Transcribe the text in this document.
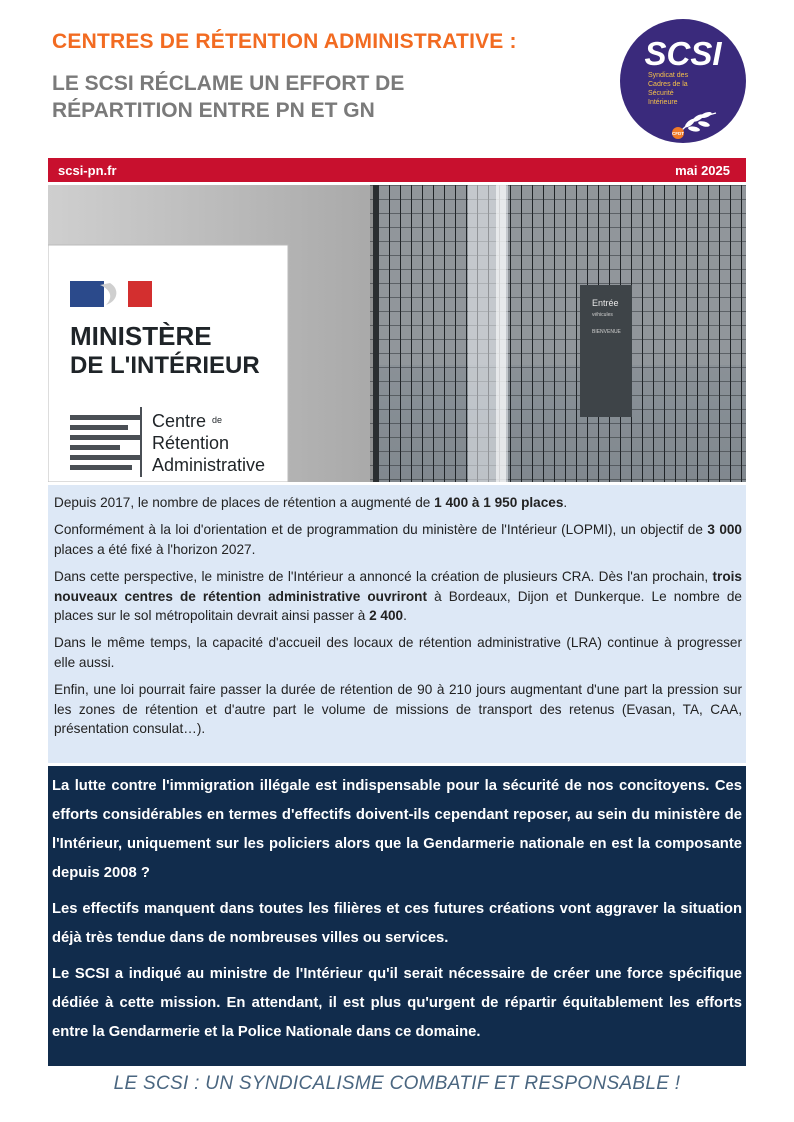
CENTRES DE RÉTENTION ADMINISTRATIVE :
LE SCSI RÉCLAME UN EFFORT DE
RÉPARTITION ENTRE PN ET GN
SCSI
Syndicat des
Cadres de la
Sécurité
Intérieure
CFDT
scsi-pn.fr	mai 2025
Entrée
véhicules
BIENVENUE
MINISTÈRE
DE L'INTÉRIEUR
Centre de
Rétention
Administrative

Depuis 2017, le nombre de places de rétention a augmenté de 1 400 à 1 950 places.

Conformément à la loi d'orientation et de programmation du ministère de l'Intérieur (LOPMI), un objectif de 3 000 places a été fixé à l'horizon 2027.

Dans cette perspective, le ministre de l'Intérieur a annoncé la création de plusieurs CRA. Dès l'an prochain, trois nouveaux centres de rétention administrative ouvriront à Bordeaux, Dijon et Dunkerque. Le nombre de places sur le sol métropolitain devrait ainsi passer à 2 400.

Dans le même temps, la capacité d'accueil des locaux de rétention administrative (LRA) continue à progresser elle aussi.

Enfin, une loi pourrait faire passer la durée de rétention de 90 à 210 jours augmentant d'une part la pression sur les zones de rétention et d'autre part le volume de missions de transport des retenus (Evasan, TA, CAA, présentation consulat…).

La lutte contre l'immigration illégale est indispensable pour la sécurité de nos concitoyens. Ces efforts considérables en termes d'effectifs doivent-ils cependant reposer, au sein du ministère de l'Intérieur, uniquement sur les policiers alors que la Gendarmerie nationale en est la composante depuis 2008 ?

Les effectifs manquent dans toutes les filières et ces futures créations vont aggraver la situation déjà très tendue dans de nombreuses villes ou services.

Le SCSI a indiqué au ministre de l'Intérieur qu'il serait nécessaire de créer une force spécifique dédiée à cette mission. En attendant, il est plus qu'urgent de répartir équitablement les efforts entre la Gendarmerie et la Police Nationale dans ce domaine.

LE SCSI : UN SYNDICALISME COMBATIF ET RESPONSABLE !
